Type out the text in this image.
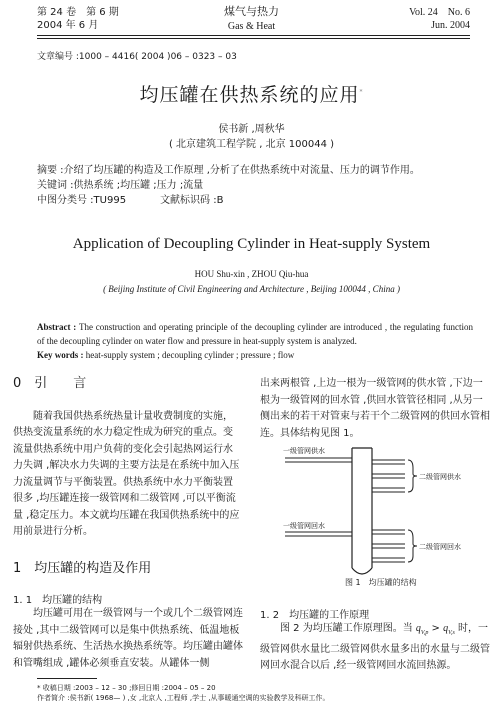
第 24 卷　第 6 期
2004 年 6 月
煤气与热力
Gas & Heat
Vol. 24　No. 6
Jun. 2004
文章编号 :1000 – 4416( 2004 )06 – 0323 – 03
均压罐在供热系统的应用*
侯书新 ,周秋华
( 北京建筑工程学院 , 北京 100044 )
摘要 :介绍了均压罐的构造及工作原理 ,分析了在供热系统中对流量、压力的调节作用。
关键词 :供热系统 ;均压罐 ;压力 ;流量
中图分类号 :TU995	文献标识码 :B
Application of Decoupling Cylinder in Heat-supply System
HOU Shu-xin , ZHOU Qiu-hua
( Beijing Institute of Civil Engineering and Architecture , Beijing 100044 , China )
Abstract : The construction and operating principle of the decoupling cylinder are introduced , the regulating function of the decoupling cylinder on water flow and pressure in heat-supply system is analyzed.
Key words : heat-supply system ; decoupling cylinder ; pressure ; flow
0　引　　言
随着我国供热系统热量计量收费制度的实施，供热变流量系统的水力稳定性成为研究的重点。变流量供热系统中用户负荷的变化会引起热网运行水力失调 ,解决水力失调的主要方法是在系统中加入压力流量调节与平衡装置。供热系统中水力平衡装置很多 ,均压罐连接一级管网和二级管网 ,可以平衡流量 ,稳定压力。本文就均压罐在我国供热系统中的应用前景进行分析。
1　均压罐的构造及作用
1. 1　均压罐的结构
均压罐可用在一级管网与一个或几个二级管网连接处 ,其中二级管网可以是集中供热系统、低温地板辐射供热系统、生活热水换热系统等。均压罐由罐体和管嘴组成 ,罐体必须垂直安装。从罐体一侧
出来两根管 ,上边一根为一级管网的供水管 ,下边一根为一级管网的回水管 ,供回水管管径相同 ,从另一侧出来的若干对管束与若干个二级管网的供回水管相连。具体结构见图 1。
一级管网供水
一级管网回水
二级管网供水
二级管网回水
图 1　均压罐的结构
1. 2　均压罐的工作原理
图 2 为均压罐工作原理图。当 $q_{V,p} > q_{V,s}$ 时，一级管网供水量比二级管网供水量多出的水量与二级管网回水混合以后 ,经一级管网回水流回热源。
* 收稿日期 :2003 – 12 – 30 ;修回日期 :2004 – 05 – 20
作者简介 :侯书新( 1968— ) ,女 ,北京人 ,工程师 ,学士 ,从事暖通空调的实验教学及科研工作。
